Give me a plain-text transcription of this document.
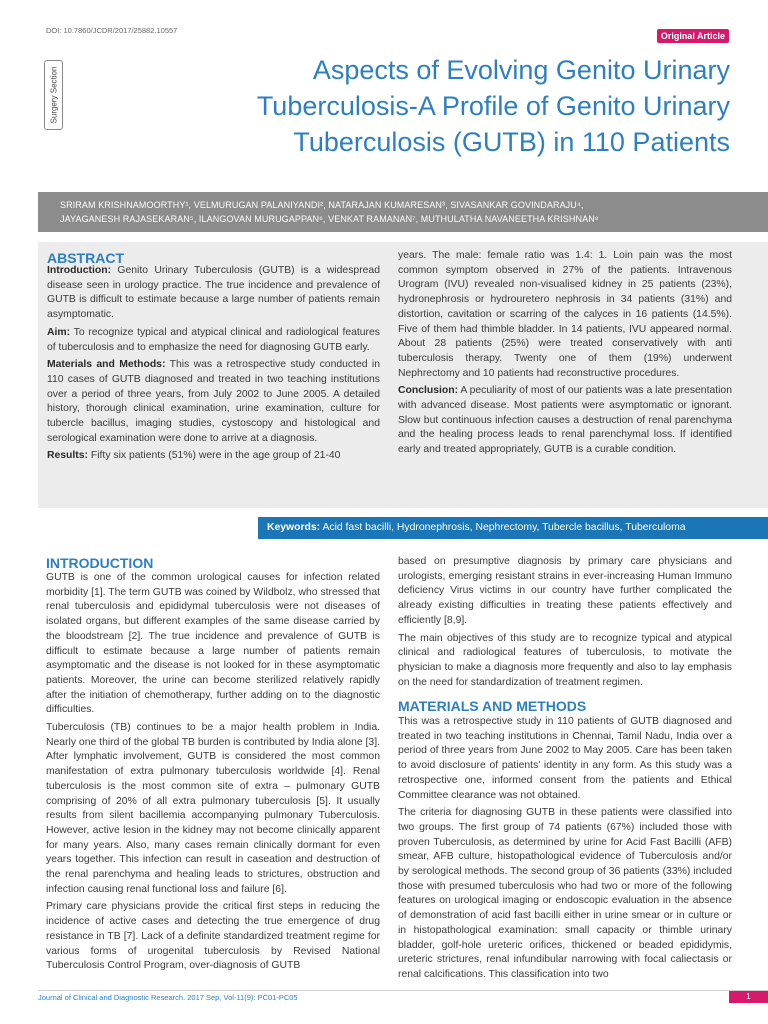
DOI: 10.7860/JCDR/2017/25882.10557
Original Article
Surgery Section	Aspects of Evolving Genito Urinary Tuberculosis-A Profile of Genito Urinary Tuberculosis (GUTB) in 110 Patients
SRIRAM KRISHNAMOORTHY¹, VELMURUGAN PALANIYANDI², NATARAJAN KUMARESAN³, SIVASANKAR GOVINDARAJU⁴,
JAYAGANESH RAJASEKARAN⁵, ILANGOVAN MURUGAPPAN⁶, VENKAT RAMANAN⁷, MUTHULATHA NAVANEETHA KRISHNAN⁸
ABSTRACT

Introduction: Genito Urinary Tuberculosis (GUTB) is a widespread disease seen in urology practice. The true incidence and prevalence of GUTB is difficult to estimate because a large number of patients remain asymptomatic.

Aim: To recognize typical and atypical clinical and radiological features of tuberculosis and to emphasize the need for diagnosing GUTB early.

Materials and Methods: This was a retrospective study conducted in 110 cases of GUTB diagnosed and treated in two teaching institutions over a period of three years, from July 2002 to June 2005. A detailed history, thorough clinical examination, urine examination, culture for tubercle bacillus, imaging studies, cystoscopy and histological and serological examination were done to arrive at a diagnosis.

Results: Fifty six patients (51%) were in the age group of 21-40

years. The male: female ratio was 1.4: 1. Loin pain was the most common symptom observed in 27% of the patients. Intravenous Urogram (IVU) revealed non-visualised kidney in 25 patients (23%), hydronephrosis or hydrouretero nephrosis in 34 patients (31%) and distortion, cavitation or scarring of the calyces in 16 patients (14.5%). Five of them had thimble bladder. In 14 patients, IVU appeared normal. About 28 patients (25%) were treated conservatively with anti tuberculosis therapy. Twenty one of them (19%) underwent Nephrectomy and 10 patients had reconstructive procedures.

Conclusion: A peculiarity of most of our patients was a late presentation with advanced disease. Most patients were asymptomatic or ignorant. Slow but continuous infection causes a destruction of renal parenchyma and the healing process leads to renal parenchymal loss. If identified early and treated appropriately, GUTB is a curable condition.

Keywords: Acid fast bacilli, Hydronephrosis, Nephrectomy, Tubercle bacillus, Tuberculoma
INTRODUCTION

GUTB is one of the common urological causes for infection related morbidity [1]. The term GUTB was coined by Wildbolz, who stressed that renal tuberculosis and epididymal tuberculosis were not diseases of isolated organs, but different examples of the same disease carried by the bloodstream [2]. The true incidence and prevalence of GUTB is difficult to estimate because a large number of patients remain asymptomatic and the disease is not looked for in these asymptomatic patients. Moreover, the urine can become sterilized relatively rapidly after the initiation of chemotherapy, further adding on to the diagnostic difficulties.

Tuberculosis (TB) continues to be a major health problem in India. Nearly one third of the global TB burden is contributed by India alone [3]. After lymphatic involvement, GUTB is considered the most common manifestation of extra pulmonary tuberculosis worldwide [4]. Renal tuberculosis is the most common site of extra – pulmonary GUTB comprising of 20% of all extra pulmonary tuberculosis [5]. It usually results from silent bacillemia accompanying pulmonary Tuberculosis. However, active lesion in the kidney may not become clinically apparent for many years. Also, many cases remain clinically dormant for even years together. This infection can result in caseation and destruction of the renal parenchyma and healing leads to strictures, obstruction and infection causing renal functional loss and failure [6].

Primary care physicians provide the critical first steps in reducing the incidence of active cases and detecting the true emergence of drug resistance in TB [7]. Lack of a definite standardized treatment regime for various forms of urogenital tuberculosis by Revised National Tuberculosis Control Program, over-diagnosis of GUTB

based on presumptive diagnosis by primary care physicians and urologists, emerging resistant strains in ever-increasing Human Immuno deficiency Virus victims in our country have further complicated the already existing difficulties in treating these patients effectively and efficiently [8,9].

The main objectives of this study are to recognize typical and atypical clinical and radiological features of tuberculosis, to motivate the physician to make a diagnosis more frequently and also to lay emphasis on the need for standardization of treatment regimen.

MATERIALS AND METHODS

This was a retrospective study in 110 patients of GUTB diagnosed and treated in two teaching institutions in Chennai, Tamil Nadu, India over a period of three years from June 2002 to May 2005. Care has been taken to avoid disclosure of patients’ identity in any form. As this study was a retrospective one, informed consent from the patients and Ethical Committee clearance was not obtained.

The criteria for diagnosing GUTB in these patients were classified into two groups. The first group of 74 patients (67%) included those with proven Tuberculosis, as determined by urine for Acid Fast Bacilli (AFB) smear, AFB culture, histopathological evidence of Tuberculosis and/or by serological methods. The second group of 36 patients (33%) included those with presumed tuberculosis who had two or more of the following features on urological imaging or endoscopic evaluation in the absence of demonstration of acid fast bacilli either in urine smear or in culture or in histopathological examination: small capacity or thimble urinary bladder, golf-hole ureteric orifices, thickened or beaded epididymis, ureteric strictures, renal infundibular narrowing with focal caliectasis or renal calcifications. This classification into two

Journal of Clinical and Diagnostic Research. 2017 Sep, Vol-11(9): PC01-PC05	1
